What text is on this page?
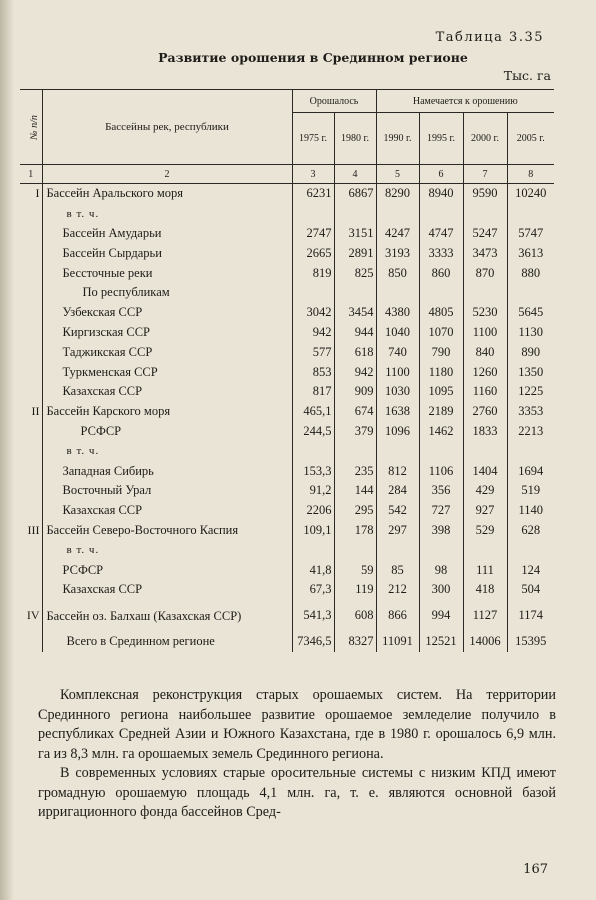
Таблица 3.35
Развитие орошения в Срединном регионе
Тыс. га
№ п/п	Бассейны рек, республики	Орошалось		Намечается к орошению			
		1975 г.	1980 г.	1990 г.	1995 г.	2000 г.	2005 г.
1	2	3	4	5	6	7	8
I	Бассейн Аральского моря	6231	6867	8290	8940	9590	10240
	в т. ч.						
	Бассейн Амударьи	2747	3151	4247	4747	5247	5747
	Бассейн Сырдарьи	2665	2891	3193	3333	3473	3613
	Бессточные реки	819	825	850	860	870	880
	По республикам						
	Узбекская ССР	3042	3454	4380	4805	5230	5645
	Киргизская ССР	942	944	1040	1070	1100	1130
	Таджикская ССР	577	618	740	790	840	890
	Туркменская ССР	853	942	1100	1180	1260	1350
	Казахская ССР	817	909	1030	1095	1160	1225
II	Бассейн Карского моря	465,1	674	1638	2189	2760	3353
	РСФСР	244,5	379	1096	1462	1833	2213
	в т. ч.						
	Западная Сибирь	153,3	235	812	1106	1404	1694
	Восточный Урал	91,2	144	284	356	429	519
	Казахская ССР	2206	295	542	727	927	1140
III	Бассейн Северо-Восточного Каспия	109,1	178	297	398	529	628
	в т. ч.						
	РСФСР	41,8	59	85	98	111	124
	Казахская ССР	67,3	119	212	300	418	504
IV	Бассейн оз. Балхаш (Казахская ССР)	541,3	608	866	994	1127	1174
	Всего в Срединном регионе	7346,5	8327	11091	12521	14006	15395

Комплексная реконструкция старых орошаемых систем. На территории Срединного региона наибольшее развитие орошаемое земледелие получило в республиках Средней Азии и Южного Казахстана, где в 1980 г. орошалось 6,9 млн. га из 8,3 млн. га орошаемых земель Срединного региона.

В современных условиях старые оросительные системы с низким КПД имеют громадную орошаемую площадь 4,1 млн. га, т. е. являются основной базой ирригационного фонда бассейнов Сред-

167
